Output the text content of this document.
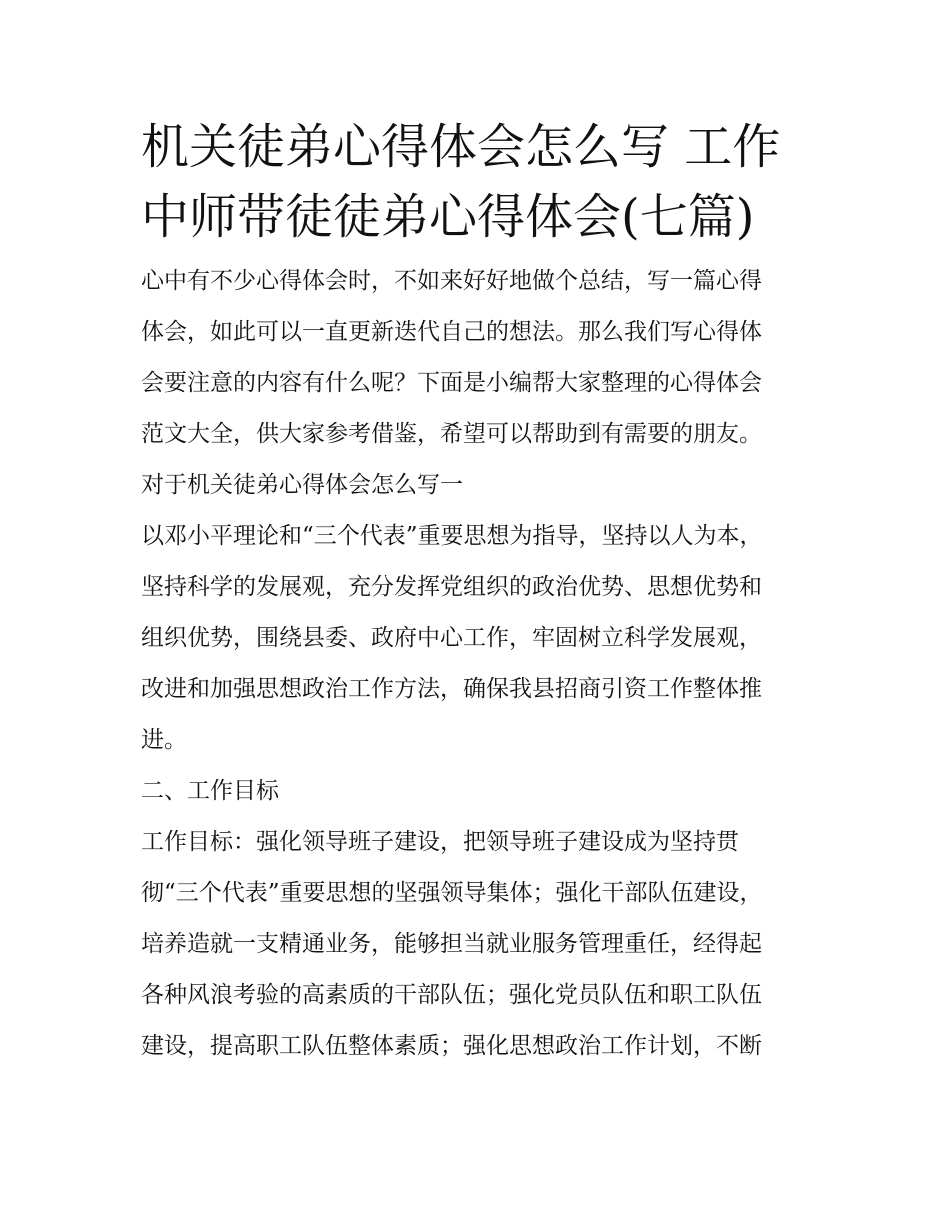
机关徒弟心得体会怎么写 工作
中师带徒徒弟心得体会(七篇)
心中有不少心得体会时，不如来好好地做个总结，写一篇心得
体会，如此可以一直更新迭代自己的想法。那么我们写心得体
会要注意的内容有什么呢？下面是小编帮大家整理的心得体会
范文大全，供大家参考借鉴，希望可以帮助到有需要的朋友。
对于机关徒弟心得体会怎么写一
以邓小平理论和“三个代表”重要思想为指导，坚持以人为本，
坚持科学的发展观，充分发挥党组织的政治优势、思想优势和
组织优势，围绕县委、政府中心工作，牢固树立科学发展观，
改进和加强思想政治工作方法，确保我县招商引资工作整体推
进。
二、工作目标
工作目标：强化领导班子建设，把领导班子建设成为坚持贯
彻“三个代表”重要思想的坚强领导集体；强化干部队伍建设，
培养造就一支精通业务，能够担当就业服务管理重任，经得起
各种风浪考验的高素质的干部队伍；强化党员队伍和职工队伍
建设，提高职工队伍整体素质；强化思想政治工作计划，不断
